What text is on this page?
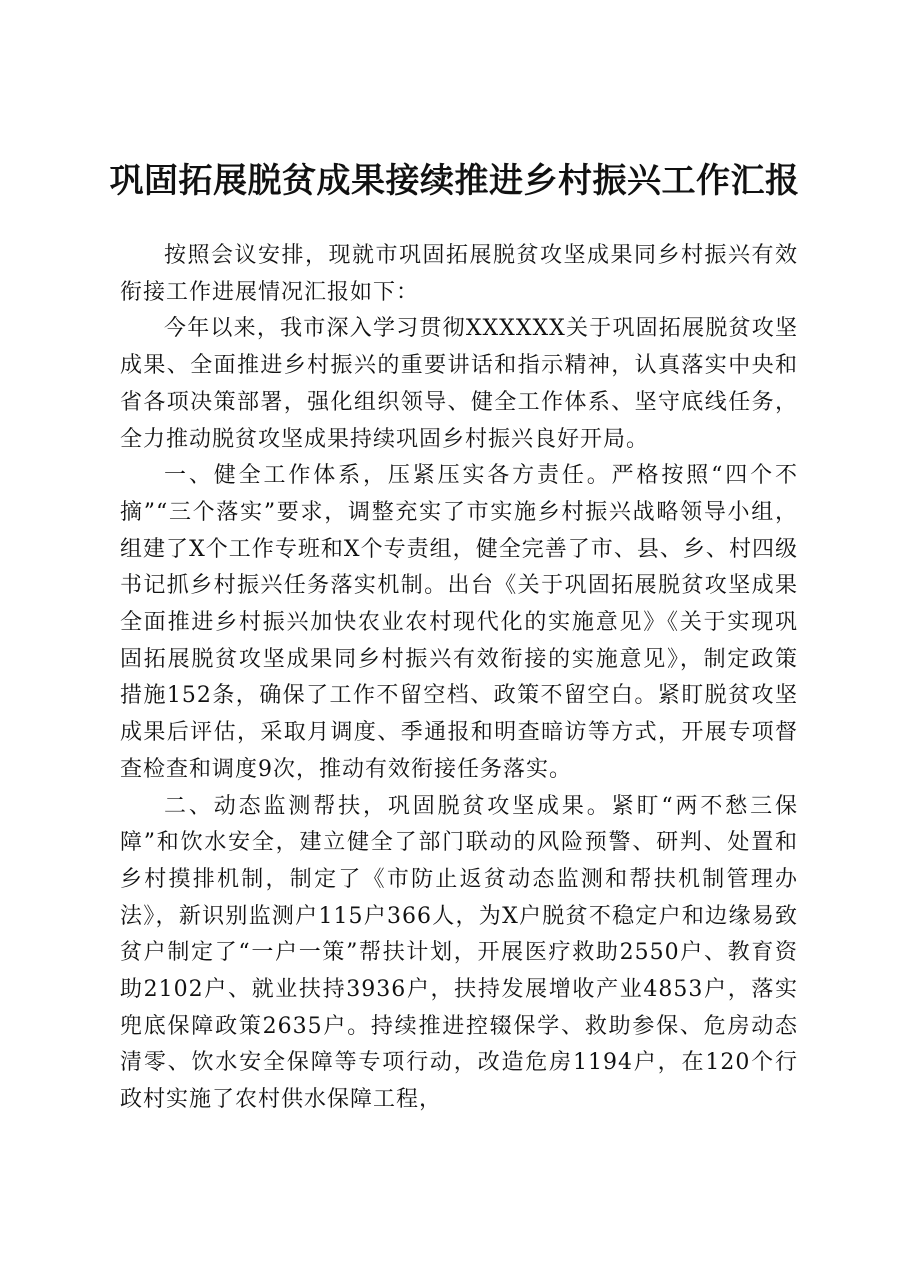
巩固拓展脱贫成果接续推进乡村振兴工作汇报

按照会议安排，现就市巩固拓展脱贫攻坚成果同乡村振兴有效衔接工作进展情况汇报如下：

今年以来，我市深入学习贯彻XXXXXX关于巩固拓展脱贫攻坚成果、全面推进乡村振兴的重要讲话和指示精神，认真落实中央和省各项决策部署，强化组织领导、健全工作体系、坚守底线任务，全力推动脱贫攻坚成果持续巩固乡村振兴良好开局。

一、健全工作体系，压紧压实各方责任。严格按照“四个不摘”“三个落实”要求，调整充实了市实施乡村振兴战略领导小组，组建了X个工作专班和X个专责组，健全完善了市、县、乡、村四级书记抓乡村振兴任务落实机制。出台《关于巩固拓展脱贫攻坚成果全面推进乡村振兴加快农业农村现代化的实施意见》《关于实现巩固拓展脱贫攻坚成果同乡村振兴有效衔接的实施意见》，制定政策措施152条，确保了工作不留空档、政策不留空白。紧盯脱贫攻坚成果后评估，采取月调度、季通报和明查暗访等方式，开展专项督查检查和调度9次，推动有效衔接任务落实。

二、动态监测帮扶，巩固脱贫攻坚成果。紧盯“两不愁三保障”和饮水安全，建立健全了部门联动的风险预警、研判、处置和乡村摸排机制，制定了《市防止返贫动态监测和帮扶机制管理办法》，新识别监测户115户366人，为X户脱贫不稳定户和边缘易致贫户制定了“一户一策”帮扶计划，开展医疗救助2550户、教育资助2102户、就业扶持3936户，扶持发展增收产业4853户，落实兜底保障政策2635户。持续推进控辍保学、救助参保、危房动态清零、饮水安全保障等专项行动，改造危房1194户，在120个行政村实施了农村供水保障工程，
